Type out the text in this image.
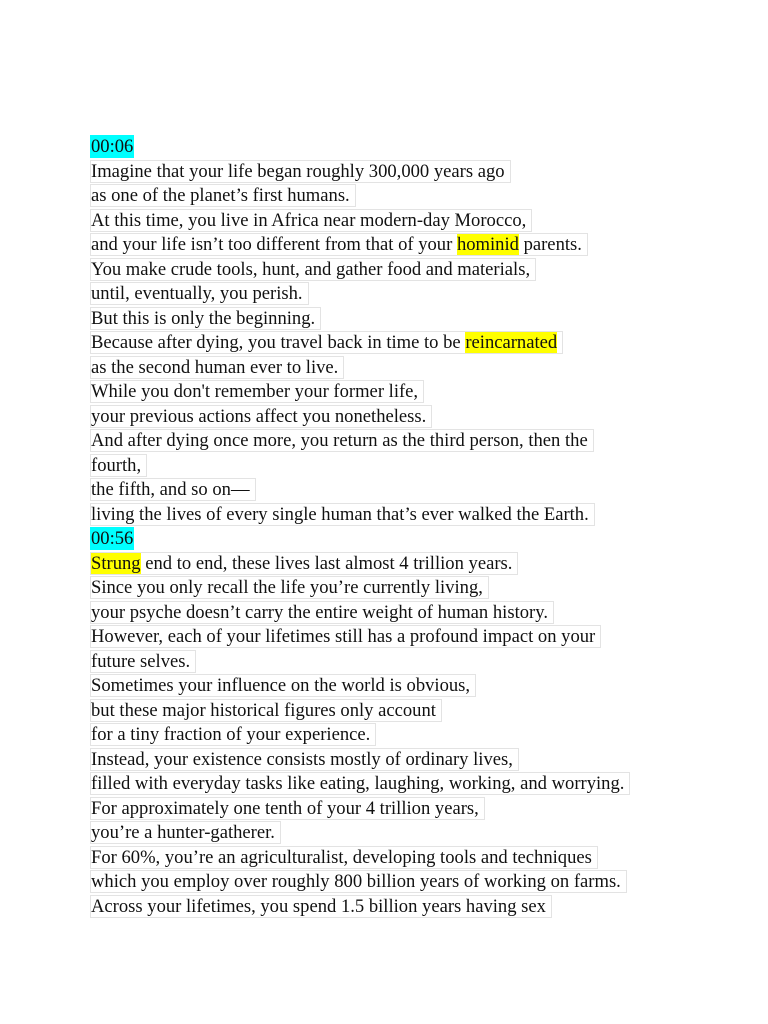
00:06
Imagine that your life began roughly 300,000 years ago
as one of the planet’s first humans.
At this time, you live in Africa near modern-day Morocco,
and your life isn’t too different from that of your hominid parents.
You make crude tools, hunt, and gather food and materials,
until, eventually, you perish.
But this is only the beginning.
Because after dying, you travel back in time to be reincarnated
as the second human ever to live.
While you don't remember your former life,
your previous actions affect you nonetheless.
And after dying once more, you return as the third person, then the
fourth,
the fifth, and so on—
living the lives of every single human that’s ever walked the Earth.
00:56
Strung end to end, these lives last almost 4 trillion years.
Since you only recall the life you’re currently living,
your psyche doesn’t carry the entire weight of human history.
However, each of your lifetimes still has a profound impact on your
future selves.
Sometimes your influence on the world is obvious,
but these major historical figures only account
for a tiny fraction of your experience.
Instead, your existence consists mostly of ordinary lives,
filled with everyday tasks like eating, laughing, working, and worrying.
For approximately one tenth of your 4 trillion years,
you’re a hunter-gatherer.
For 60%, you’re an agriculturalist, developing tools and techniques
which you employ over roughly 800 billion years of working on farms.
Across your lifetimes, you spend 1.5 billion years having sex
